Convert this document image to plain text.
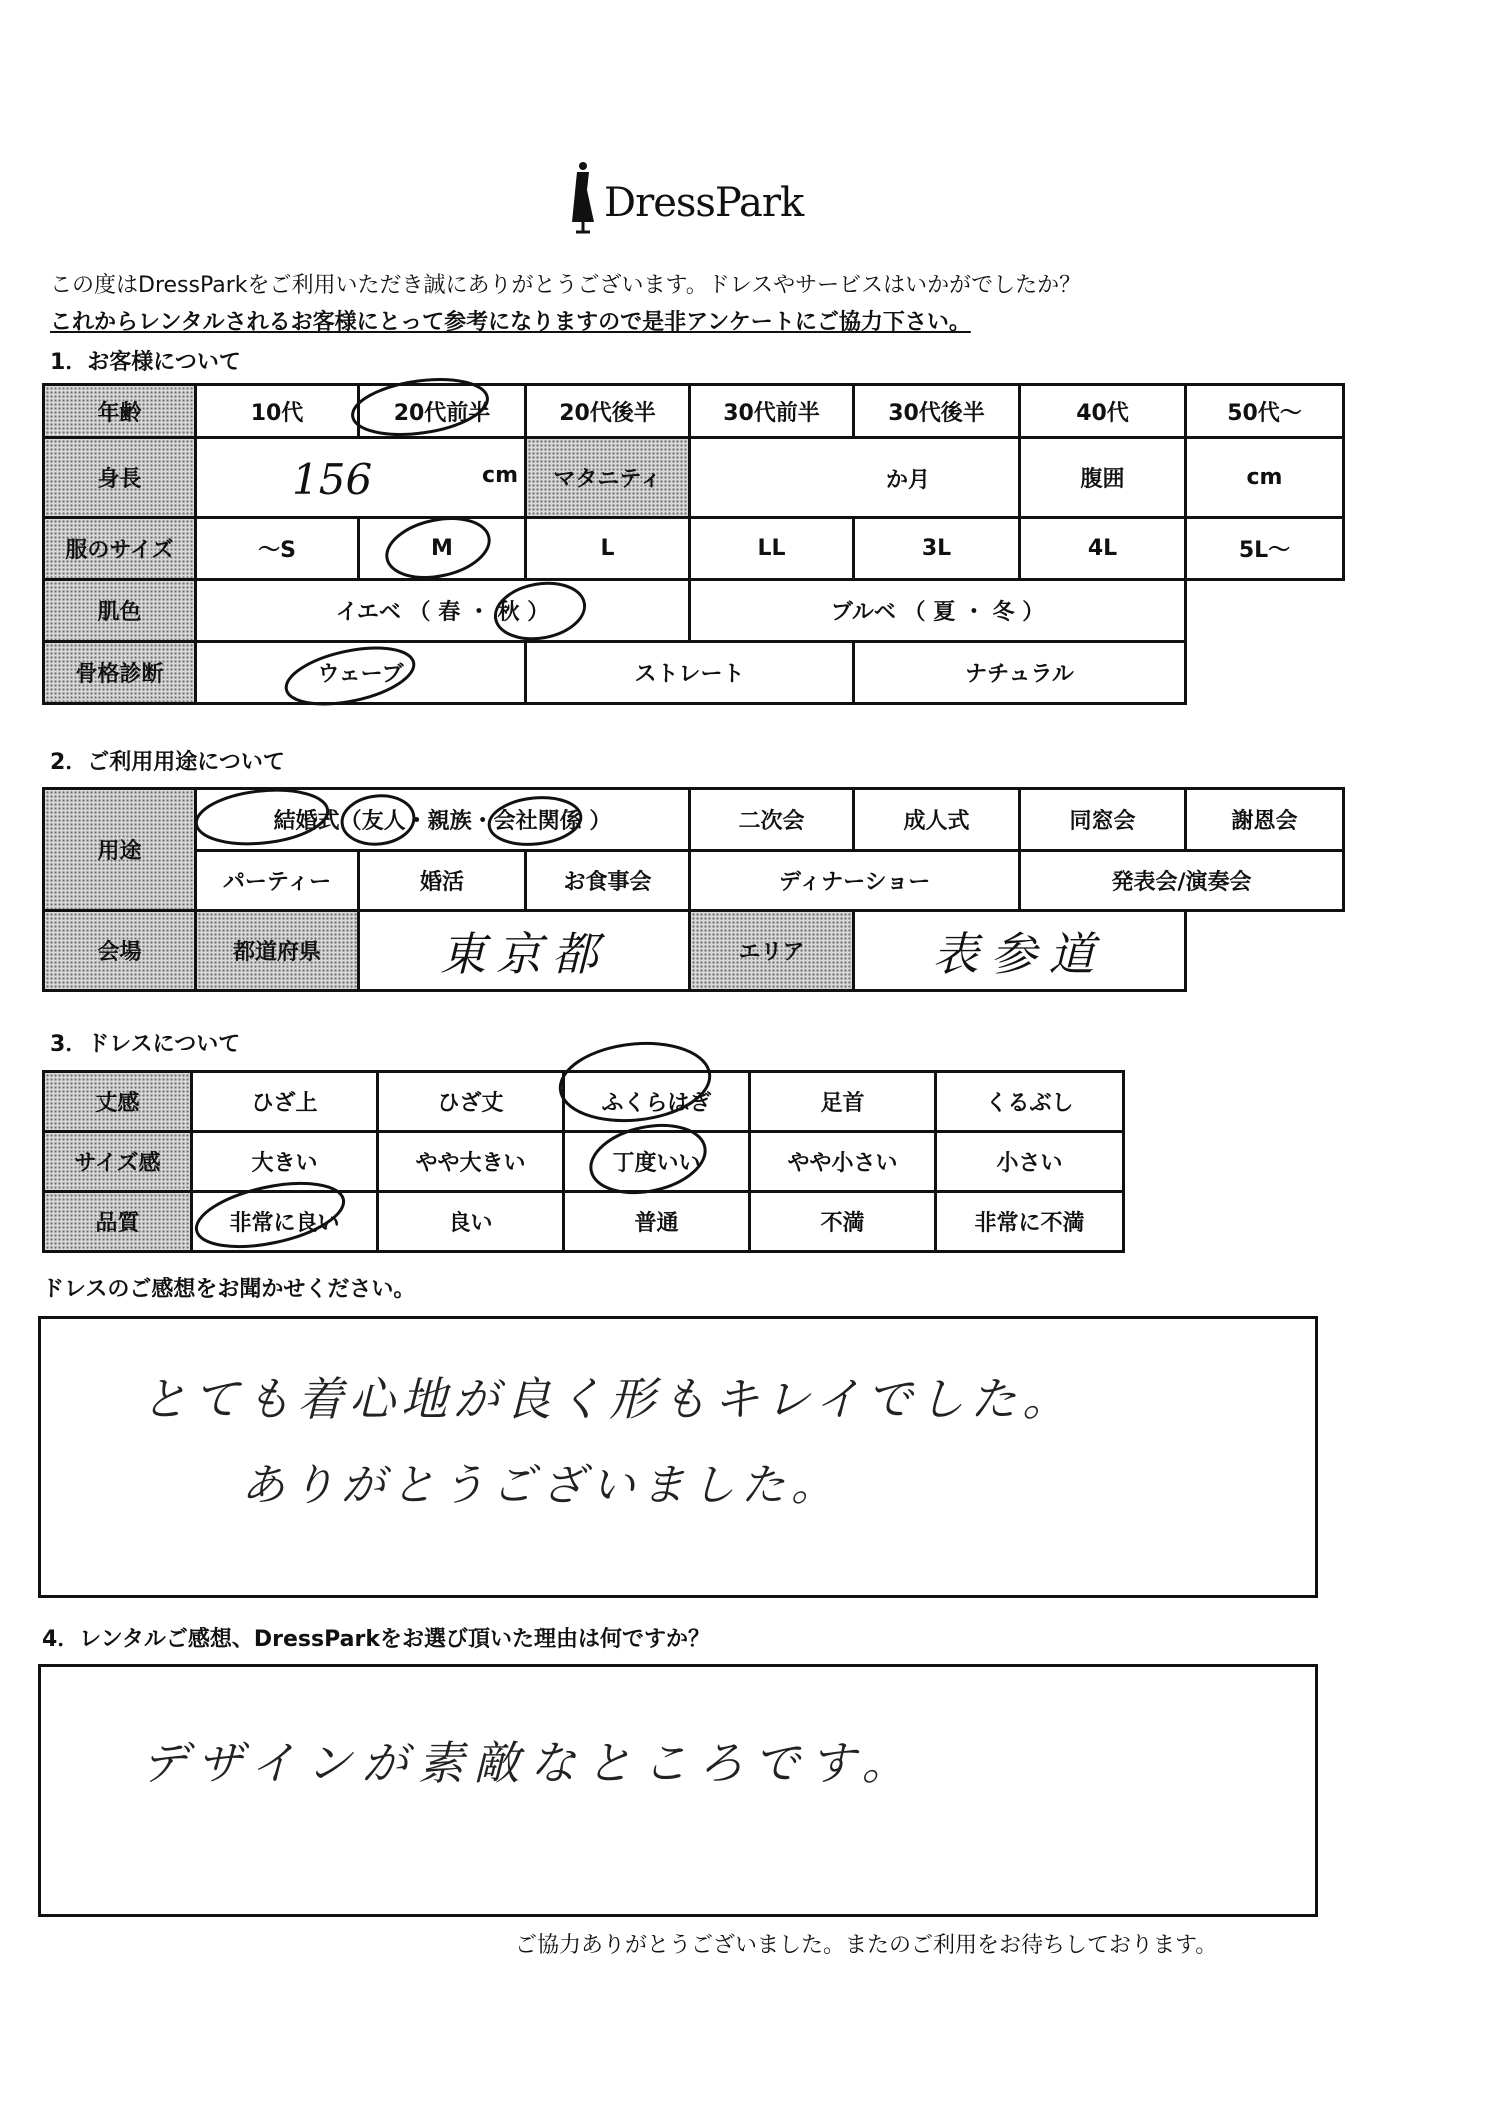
DressPark
この度はDressParkをご利用いただき誠にありがとうございます。ドレスやサービスはいかがでしたか？
これからレンタルされるお客様にとって参考になりますので是非アンケートにご協力下さい。
1．お客様について
年齢	10代	20代前半	20代後半	30代前半	30代後半	40代	50代～
身長	156 cm		マタニティ	か月		腹囲	cm
服のサイズ	～S	M	L	LL	3L	4L	5L～
肌色	イエベ （ 春 ・ 秋 ）			ブルベ （ 夏 ・ 冬 ）			
骨格診断	ウェーブ		ストレート		ナチュラル		
2．ご利用用途について
用途	結婚式（友人・親族・会社関係 ）			二次会	成人式	同窓会	謝恩会
	パーティー	婚活	お食事会	ディナーショー		発表会/演奏会	
会場	都道府県	東京都		エリア	表参道		
3．ドレスについて
丈感	ひざ上	ひざ丈	ふくらはぎ	足首	くるぶし
サイズ感	大きい	やや大きい	丁度いい	やや小さい	小さい
品質	非常に良い	良い	普通	不満	非常に不満
ドレスのご感想をお聞かせください。
とても着心地が良く形もキレイでした。
ありがとうございました。
4．レンタルご感想、DressParkをお選び頂いた理由は何ですか？
デザインが素敵なところです。
ご協力ありがとうございました。またのご利用をお待ちしております。
